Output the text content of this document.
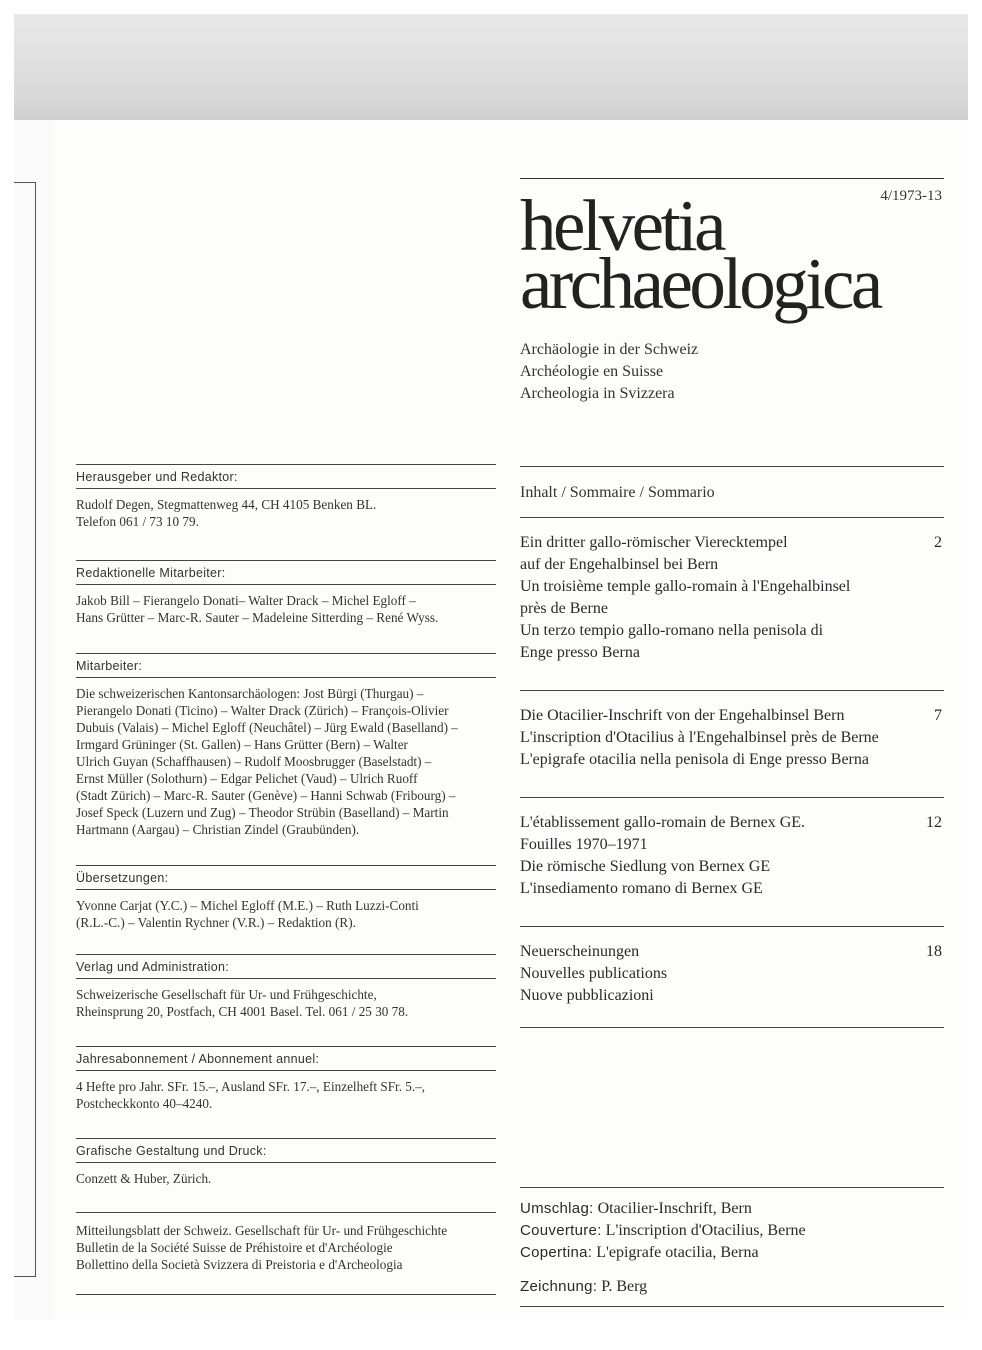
4/1973-13
helvetia
archaeologica
Archäologie in der Schweiz
Archéologie en Suisse
Archeologia in Svizzera
Herausgeber und Redaktor:
Rudolf Degen, Stegmattenweg 44, CH 4105 Benken BL.
Telefon 061 / 73 10 79.
Redaktionelle Mitarbeiter:
Jakob Bill – Fierangelo Donati– Walter Drack – Michel Egloff –
Hans Grütter – Marc-R. Sauter – Madeleine Sitterding – René Wyss.
Mitarbeiter:
Die schweizerischen Kantonsarchäologen: Jost Bürgi (Thurgau) –
Pierangelo Donati (Ticino) – Walter Drack (Zürich) – François-Olivier
Dubuis (Valais) – Michel Egloff (Neuchâtel) – Jürg Ewald (Baselland) –
Irmgard Grüninger (St. Gallen) – Hans Grütter (Bern) – Walter
Ulrich Guyan (Schaffhausen) – Rudolf Moosbrugger (Baselstadt) –
Ernst Müller (Solothurn) – Edgar Pelichet (Vaud) – Ulrich Ruoff
(Stadt Zürich) – Marc-R. Sauter (Genève) – Hanni Schwab (Fribourg) –
Josef Speck (Luzern und Zug) – Theodor Strübin (Baselland) – Martin
Hartmann (Aargau) – Christian Zindel (Graubünden).
Übersetzungen:
Yvonne Carjat (Y.C.) – Michel Egloff (M.E.) – Ruth Luzzi-Conti
(R.L.-C.) – Valentin Rychner (V.R.) – Redaktion (R).
Verlag und Administration:
Schweizerische Gesellschaft für Ur- und Frühgeschichte,
Rheinsprung 20, Postfach, CH 4001 Basel. Tel. 061 / 25 30 78.
Jahresabonnement / Abonnement annuel:
4 Hefte pro Jahr. SFr. 15.–, Ausland SFr. 17.–, Einzelheft SFr. 5.–,
Postcheckkonto 40–4240.
Grafische Gestaltung und Druck:
Conzett & Huber, Zürich.
Mitteilungsblatt der Schweiz. Gesellschaft für Ur- und Frühgeschichte
Bulletin de la Société Suisse de Préhistoire et d'Archéologie
Bollettino della Società Svizzera di Preistoria e d'Archeologia
Inhalt / Sommaire / Sommario
2
Ein dritter gallo-römischer Vierecktempel
auf der Engehalbinsel bei Bern
Un troisième temple gallo-romain à l'Engehalbinsel
près de Berne
Un terzo tempio gallo-romano nella penisola di
Enge presso Berna
7
Die Otacilier-Inschrift von der Engehalbinsel Bern
L'inscription d'Otacilius à l'Engehalbinsel près de Berne
L'epigrafe otacilia nella penisola di Enge presso Berna
12
L'établissement gallo-romain de Bernex GE.
Fouilles 1970–1971
Die römische Siedlung von Bernex GE
L'insediamento romano di Bernex GE
18
Neuerscheinungen
Nouvelles publications
Nuove pubblicazioni
Umschlag: Otacilier-Inschrift, Bern
Couverture: L'inscription d'Otacilius, Berne
Copertina: L'epigrafe otacilia, Berna
Zeichnung: P. Berg
